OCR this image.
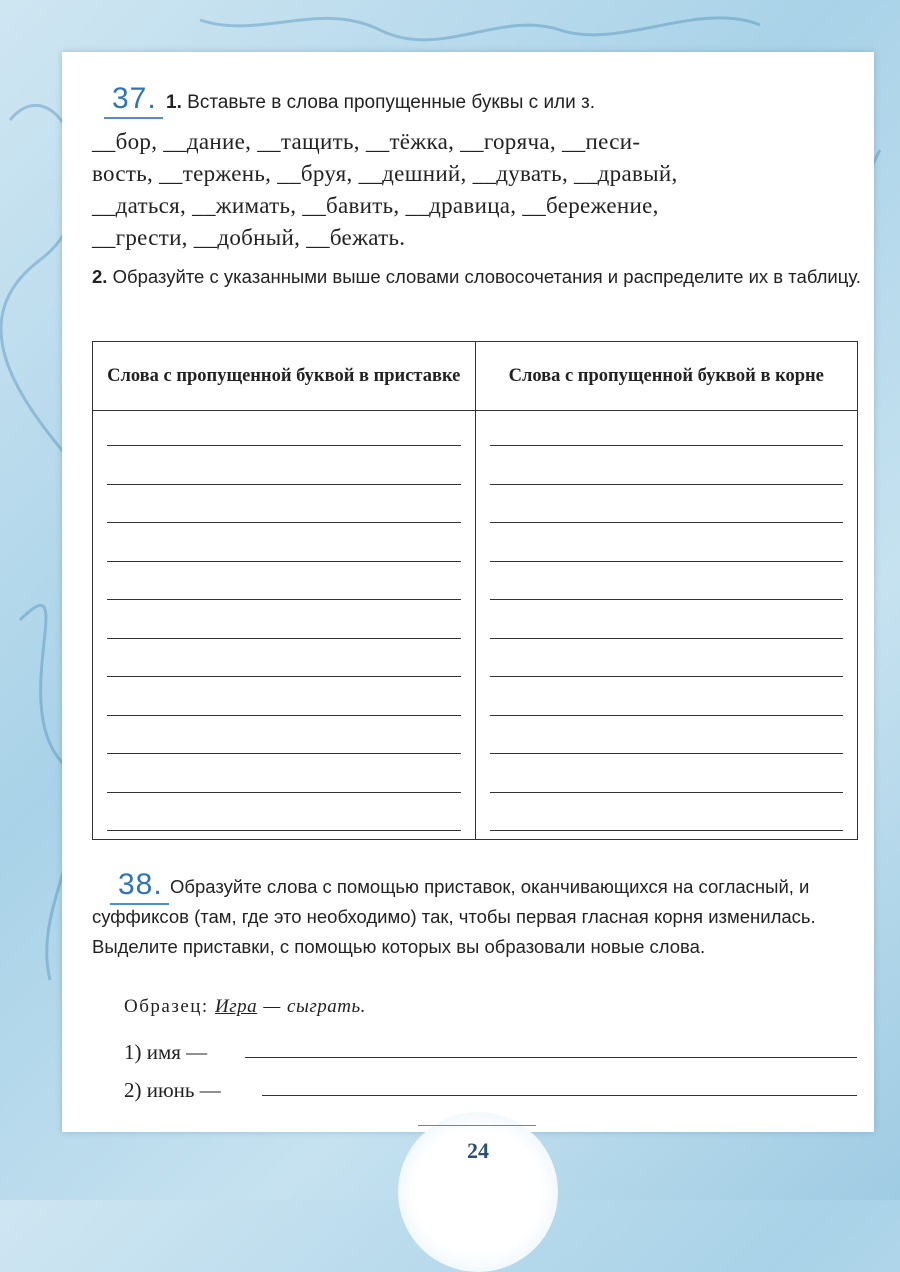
37. 1. Вставьте в слова пропущенные буквы с или з.
__бор, __дание, __тащить, __тёжка, __горяча, __песи-
вость, __тержень, __бруя, __дешний, __дувать, __дравый,
__даться, __жимать, __бавить, __дравица, __бережение,
__грести, __добный, __бежать.
2. Образуйте с указанными выше словами словосочетания и распределите их в таблицу.
Слова с пропущенной буквой в приставке	Слова с пропущенной буквой в корне

Образуйте слова с помощью приставок, оканчивающихся на согласный, и суффиксов (там, где это необходимо) так, чтобы первая гласная корня изменилась. Выделите приставки, с помощью которых вы образовали новые слова.
38.
Образец: Игра — сыграть.
1) имя —
2) июнь —
24
